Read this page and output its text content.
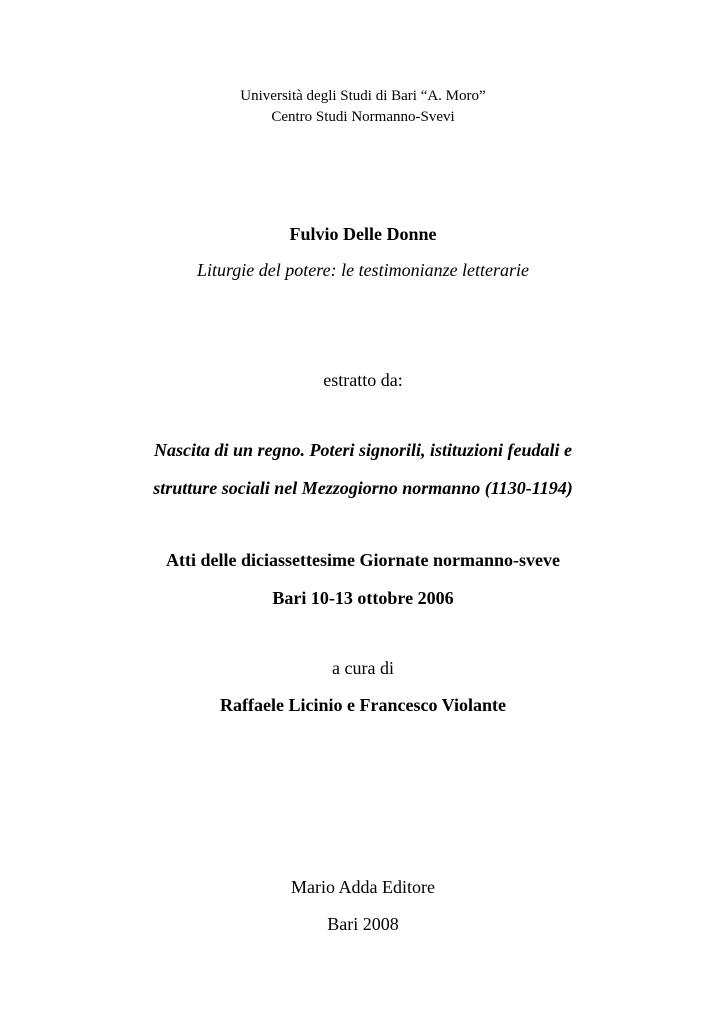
Università degli Studi di Bari “A. Moro”
Centro Studi Normanno-Svevi
Fulvio Delle Donne
Liturgie del potere: le testimonianze letterarie
estratto da:
Nascita di un regno. Poteri signorili, istituzioni feudali e
strutture sociali nel Mezzogiorno normanno (1130-1194)
Atti delle diciassettesime Giornate normanno-sveve
Bari 10-13 ottobre 2006
a cura di
Raffaele Licinio e Francesco Violante
Mario Adda Editore
Bari 2008
